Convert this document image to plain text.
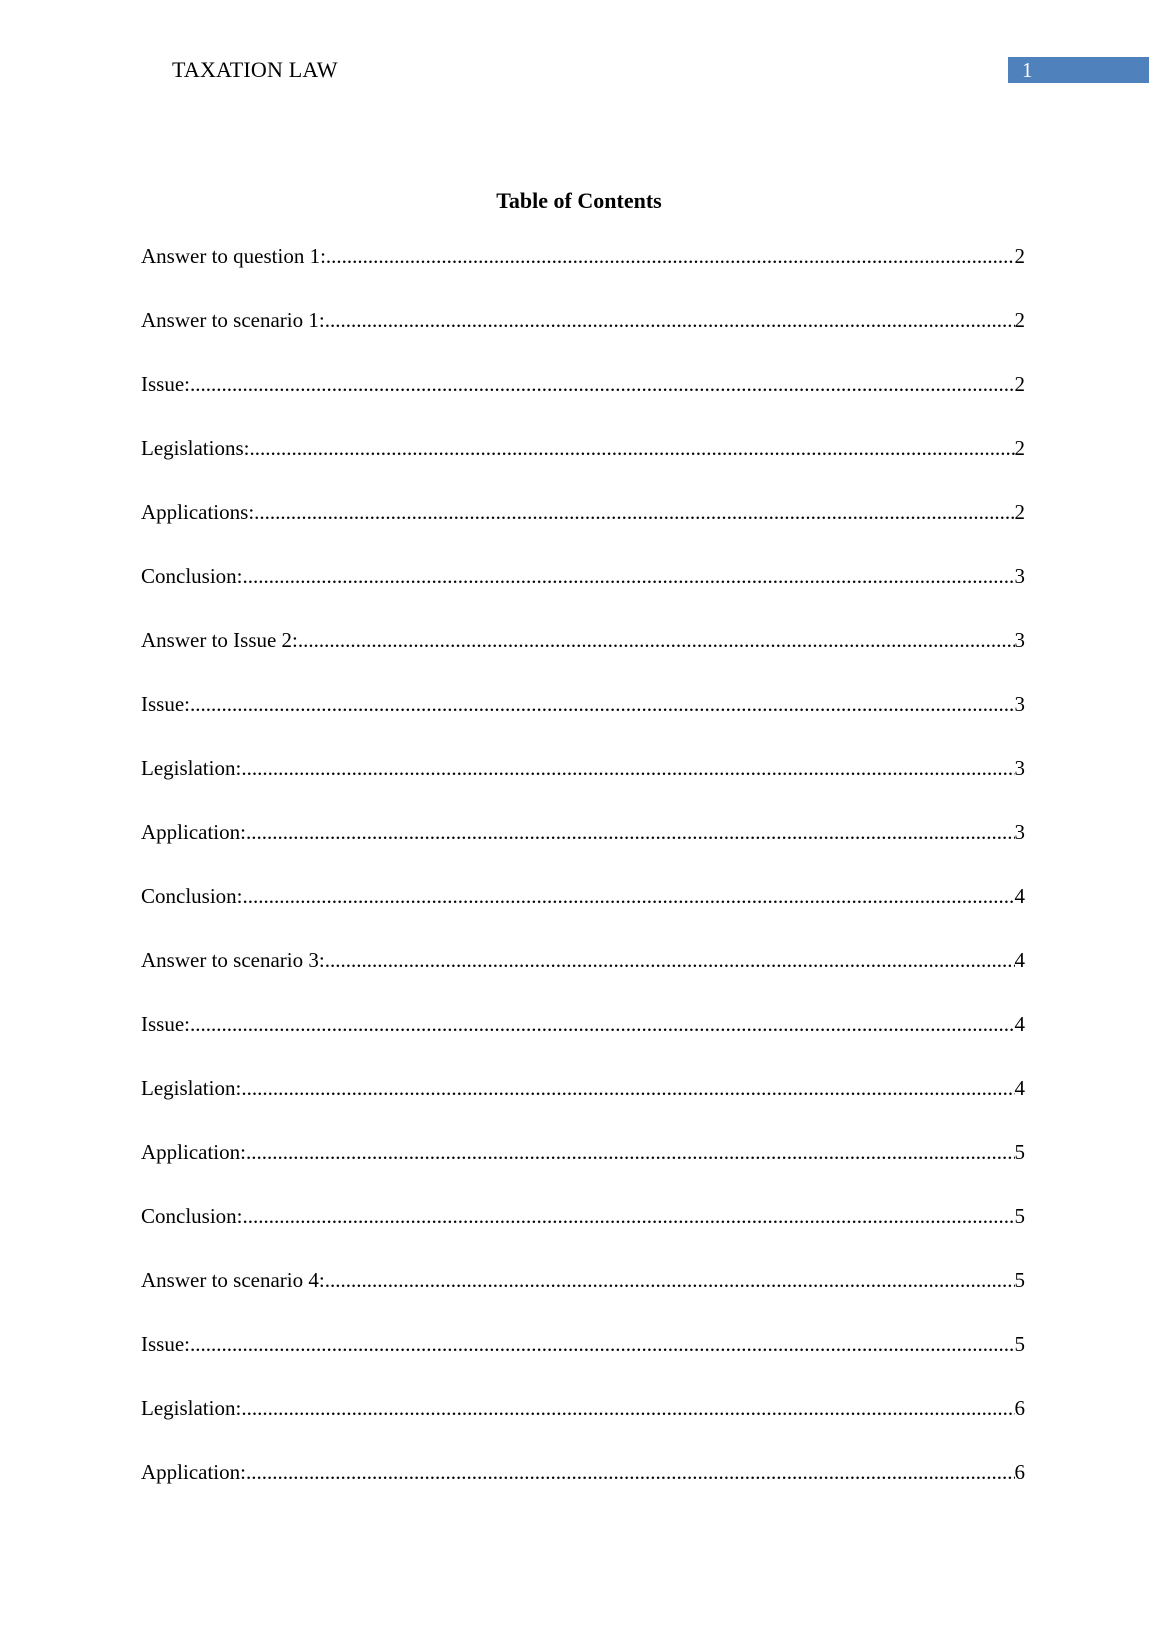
TAXATION LAW	1
Table of Contents
Answer to question 1: .....	2
Answer to scenario 1: .....	2
Issue: .....	2
Legislations: .....	2
Applications: .....	2
Conclusion: .....	3
Answer to Issue 2: .....	3
Issue: .....	3
Legislation: .....	3
Application: .....	3
Conclusion: .....	4
Answer to scenario 3: .....	4
Issue: .....	4
Legislation: .....	4
Application: .....	5
Conclusion: .....	5
Answer to scenario 4: .....	5
Issue: .....	5
Legislation: .....	6
Application: .....	6
